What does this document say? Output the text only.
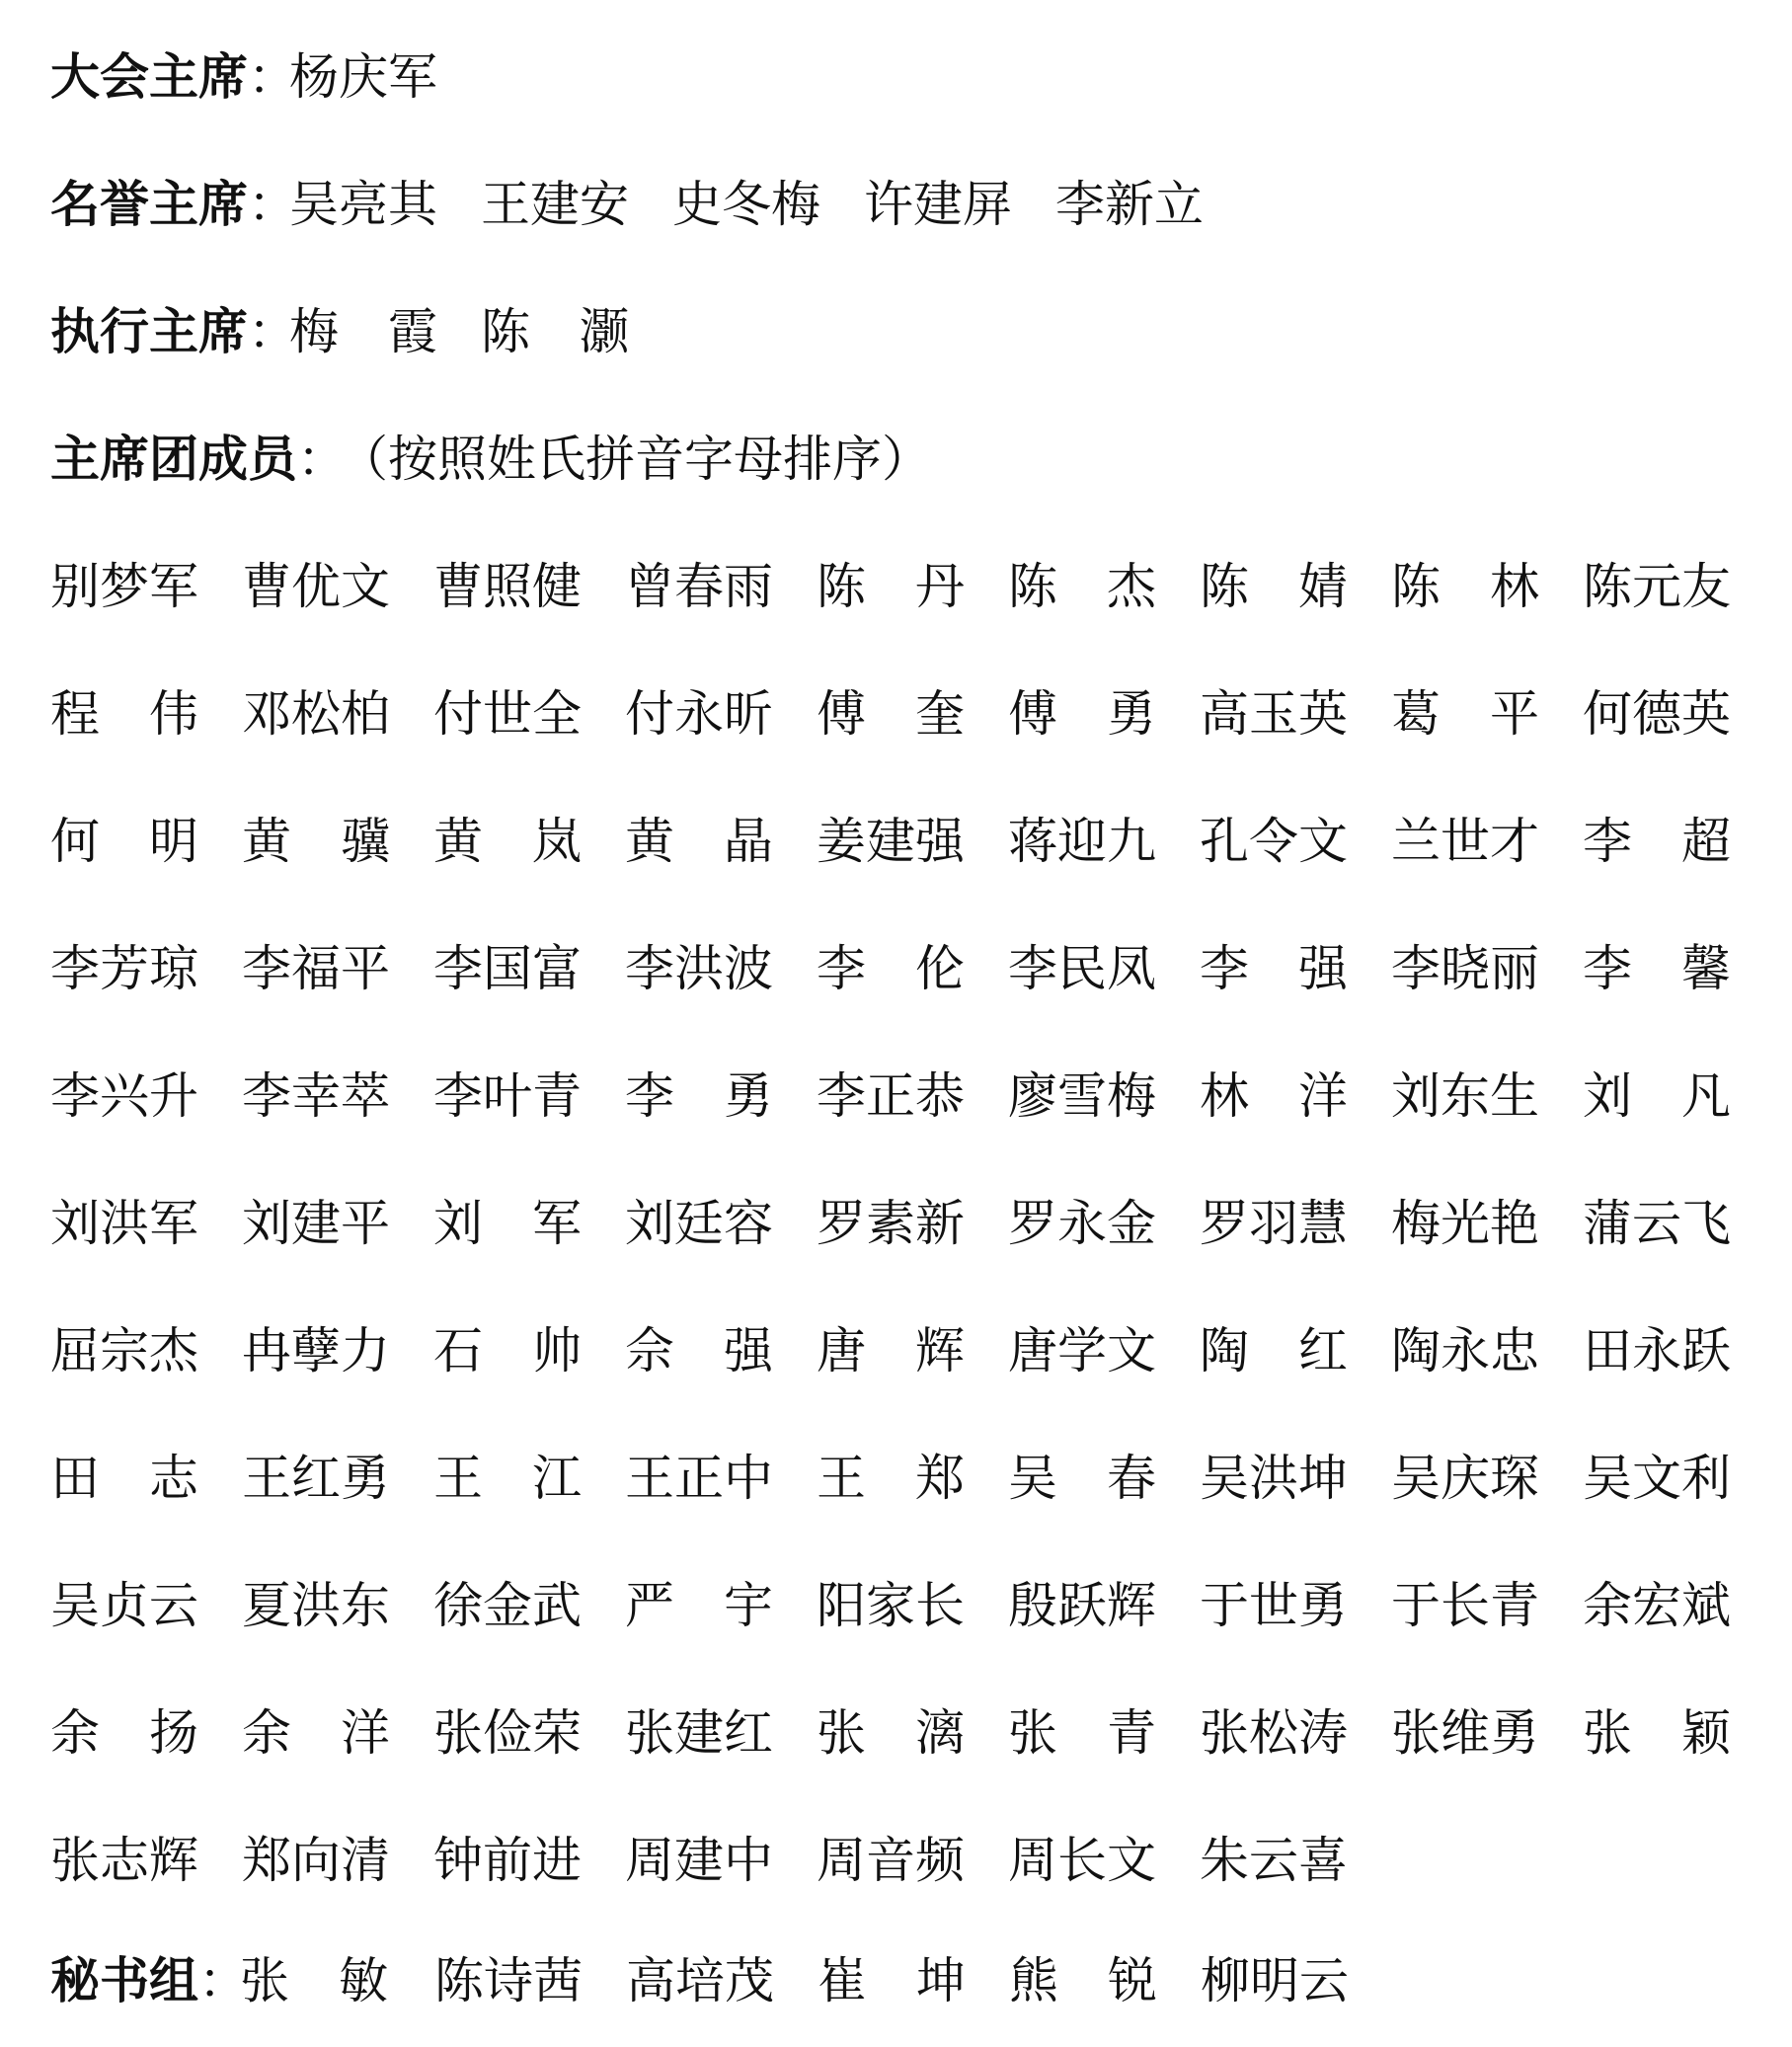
大会主席：杨庆军
名誉主席：吴亮其 王建安 史冬梅 许建屏 李新立
执行主席：梅　霞 陈　灏
主席团成员：（按照姓氏拼音字母排序）
别梦军 曹优文 曹照健 曾春雨 陈　丹 陈　杰 陈　婧 陈　林 陈元友
程　伟 邓松柏 付世全 付永昕 傅　奎 傅　勇 高玉英 葛　平 何德英
何　明 黄　骥 黄　岚 黄　晶 姜建强 蒋迎九 孔令文 兰世才 李　超
李芳琼 李福平 李国富 李洪波 李　伦 李民凤 李　强 李晓丽 李　馨
李兴升 李幸萃 李叶青 李　勇 李正恭 廖雪梅 林　洋 刘东生 刘　凡
刘洪军 刘建平 刘　军 刘廷容 罗素新 罗永金 罗羽慧 梅光艳 蒲云飞
屈宗杰 冉孽力 石　帅 佘　强 唐　辉 唐学文 陶　红 陶永忠 田永跃
田　志 王红勇 王　江 王正中 王　郑 吴　春 吴洪坤 吴庆琛 吴文利
吴贞云 夏洪东 徐金武 严　宇 阳家长 殷跃辉 于世勇 于长青 余宏斌
余　扬 余　洋 张俭荣 张建红 张　漓 张　青 张松涛 张维勇 张　颖
张志辉 郑向清 钟前进 周建中 周音频 周长文 朱云喜
秘书组：张　敏 陈诗茜 高培茂 崔　坤 熊　锐 柳明云
